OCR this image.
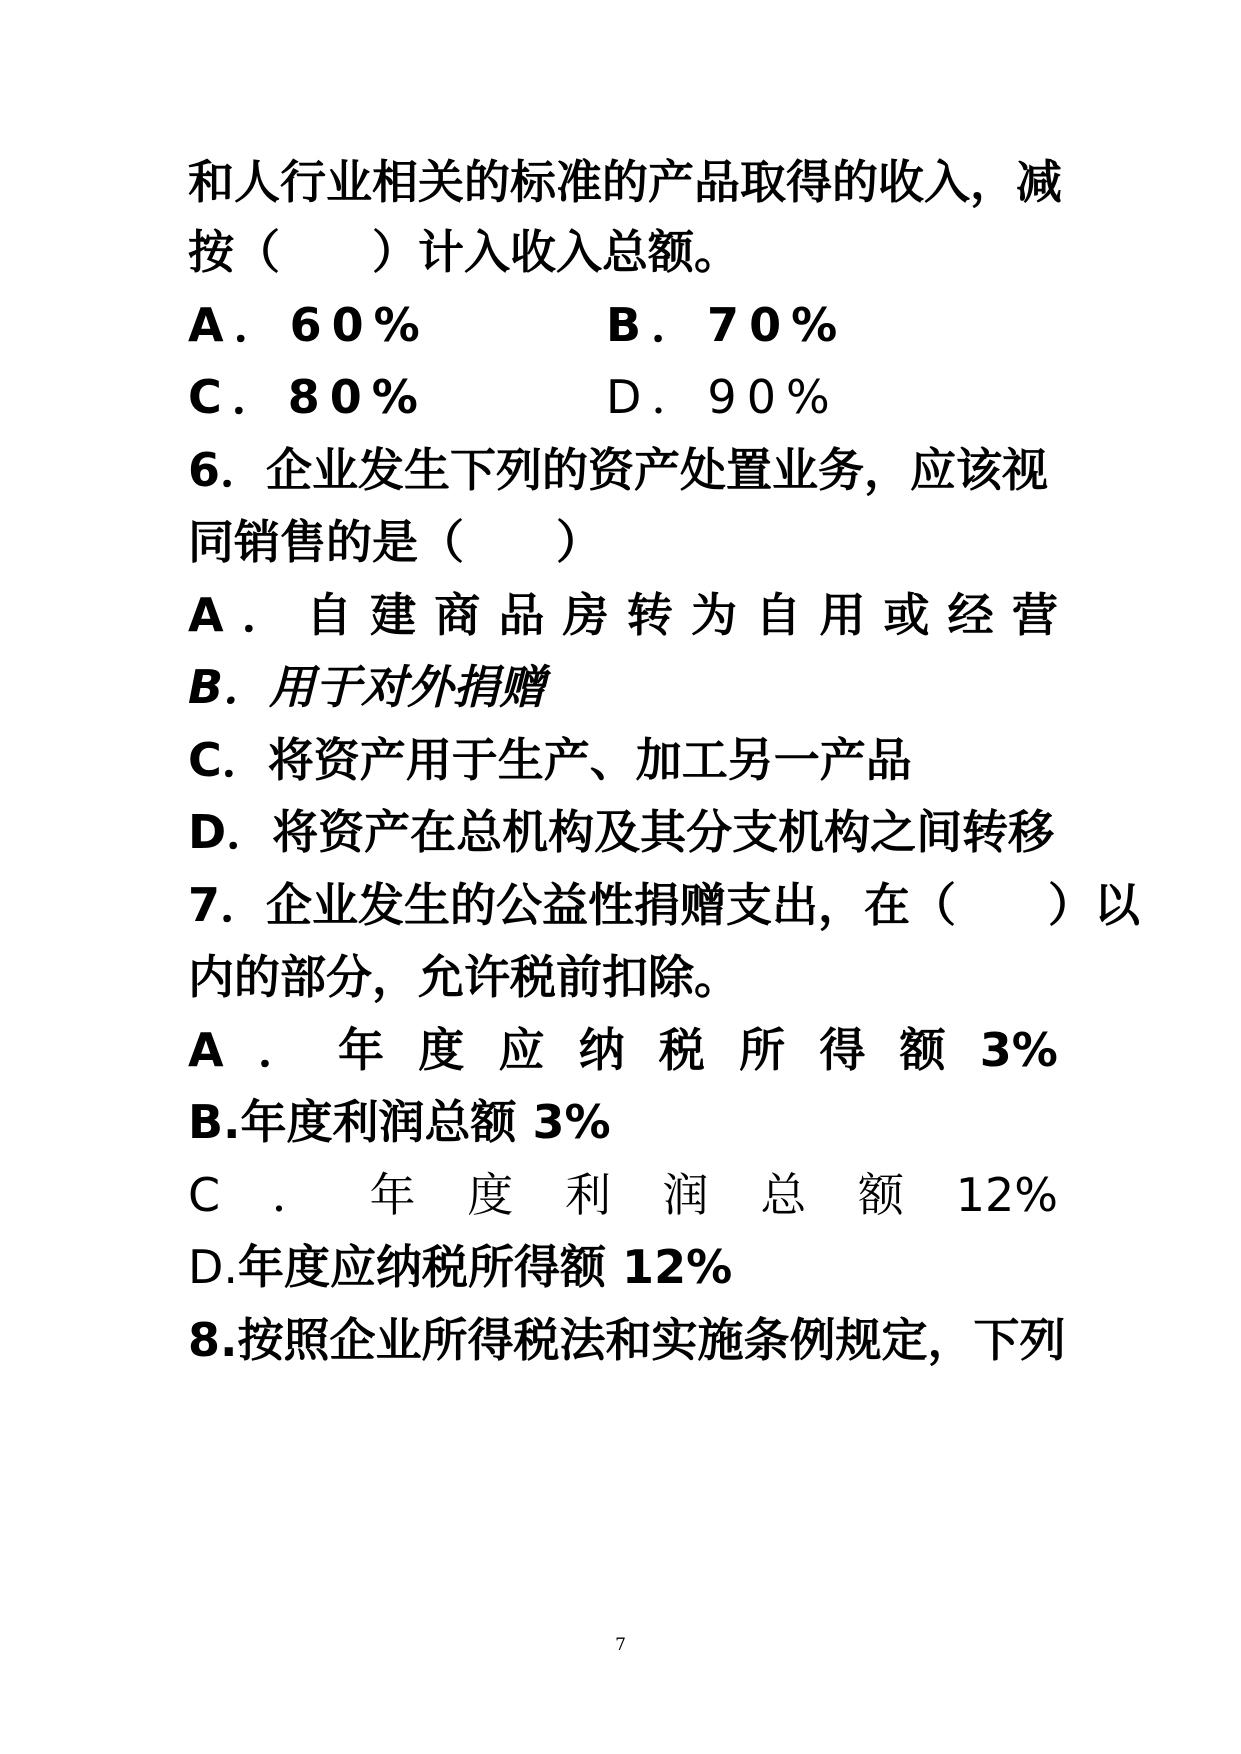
和人行业相关的标准的产品取得的收入，减
按（　　）计入收入总额。
A．60%	B．70%
C．80%	D．90%
6．企业发生下列的资产处置业务，应该视
同销售的是（　　）
A ． 自 建 商 品 房 转 为 自 用 或 经 营
B．用于对外捐赠
C．将资产用于生产、加工另一产品
D．将资产在总机构及其分支机构之间转移
7．企业发生的公益性捐赠支出，在（　　）以
内的部分，允许税前扣除。
A ． 年 度 应 纳 税 所 得 额 3%
B.年度利润总额 3%
C ． 年 度 利 润 总 额 12%
D.年度应纳税所得额 12%
8.按照企业所得税法和实施条例规定，下列
7
